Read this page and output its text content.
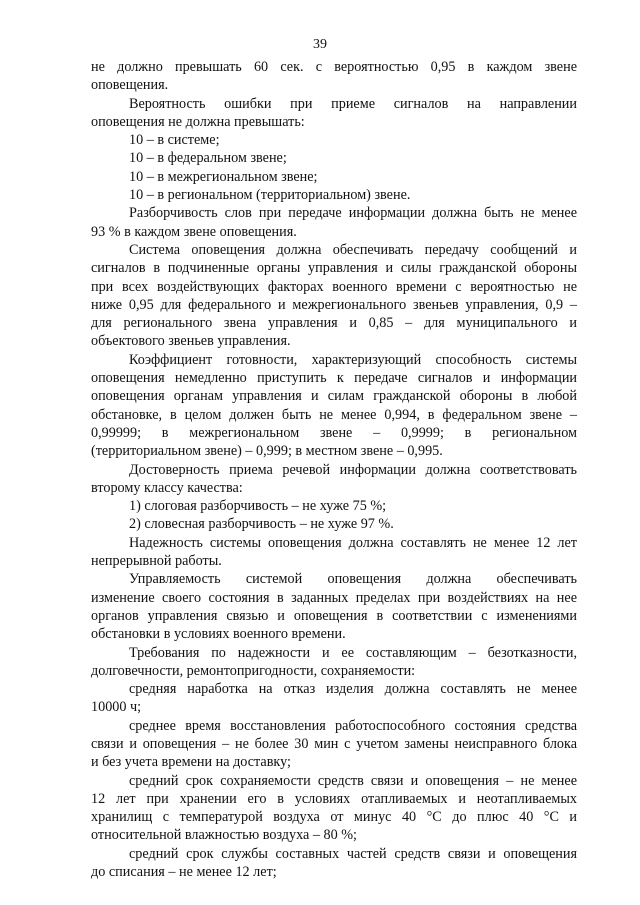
39
не должно превышать 60 сек. с вероятностью 0,95 в каждом звене
оповещения.
Вероятность ошибки при приеме сигналов на направлении
оповещения не должна превышать:
10 – в системе;
10 – в федеральном звене;
10 – в межрегиональном звене;
10 – в региональном (территориальном) звене.
Разборчивость слов при передаче информации должна быть не менее
93 % в каждом звене оповещения.
Система оповещения должна обеспечивать передачу сообщений и
сигналов в подчиненные органы управления и силы гражданской обороны
при всех воздействующих факторах военного времени с вероятностью не
ниже 0,95 для федерального и межрегионального звеньев управления, 0,9 –
для регионального звена управления и 0,85 – для муниципального и
объектового звеньев управления.
Коэффициент готовности, характеризующий способность системы
оповещения немедленно приступить к передаче сигналов и информации
оповещения органам управления и силам гражданской обороны в любой
обстановке, в целом должен быть не менее 0,994, в федеральном звене –
0,99999; в межрегиональном звене – 0,9999; в региональном
(территориальном звене) – 0,999; в местном звене – 0,995.
Достоверность приема речевой информации должна соответствовать
второму классу качества:
1) слоговая разборчивость – не хуже 75 %;
2) словесная разборчивость – не хуже 97 %.
Надежность системы оповещения должна составлять не менее 12 лет
непрерывной работы.
Управляемость системой оповещения должна обеспечивать
изменение своего состояния в заданных пределах при воздействиях на нее
органов управления связью и оповещения в соответствии с изменениями
обстановки в условиях военного времени.
Требования по надежности и ее составляющим – безотказности,
долговечности, ремонтопригодности, сохраняемости:
средняя наработка на отказ изделия должна составлять не менее
10000 ч;
среднее время восстановления работоспособного состояния средства
связи и оповещения – не более 30 мин с учетом замены неисправного блока
и без учета времени на доставку;
средний срок сохраняемости средств связи и оповещения – не менее
12 лет при хранении его в условиях отапливаемых и неотапливаемых
хранилищ с температурой воздуха от минус 40 °С до плюс 40 °С и
относительной влажностью воздуха – 80 %;
средний срок службы составных частей средств связи и оповещения
до списания – не менее 12 лет;
